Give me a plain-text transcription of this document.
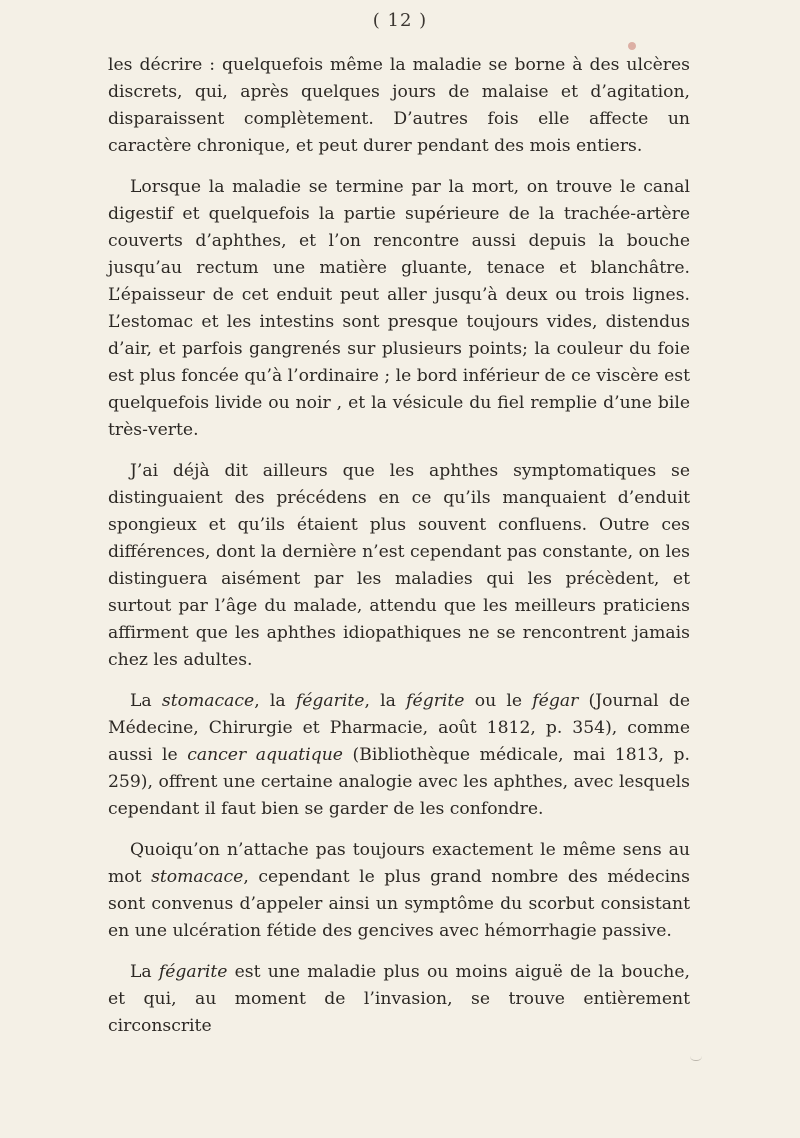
( 12 )

les décrire : quelquefois même la maladie se borne à des ulcères discrets, qui, après quelques jours de malaise et d’agitation, disparaissent complètement. D’autres fois elle affecte un caractère chronique, et peut durer pendant des mois entiers.

Lorsque la maladie se termine par la mort, on trouve le canal digestif et quelquefois la partie supérieure de la trachée-artère couverts d’aphthes, et l’on rencontre aussi depuis la bouche jusqu’au rectum une matière gluante, tenace et blanchâtre. L’épaisseur de cet enduit peut aller jusqu’à deux ou trois lignes. L’estomac et les intestins sont presque toujours vides, distendus d’air, et parfois gangrenés sur plusieurs points; la couleur du foie est plus foncée qu’à l’ordinaire ; le bord inférieur de ce viscère est quelquefois livide ou noir , et la vésicule du fiel remplie d’une bile très-verte.

J’ai déjà dit ailleurs que les aphthes symptomatiques se distinguaient des précédens en ce qu’ils manquaient d’enduit spongieux et qu’ils étaient plus souvent confluens. Outre ces différences, dont la dernière n’est cependant pas constante, on les distinguera aisément par les maladies qui les précèdent, et surtout par l’âge du malade, attendu que les meilleurs praticiens affirment que les aphthes idiopathiques ne se rencontrent jamais chez les adultes.

La stomacace, la fégarite, la fégrite ou le fégar (Journal de Médecine, Chirurgie et Pharmacie, août 1812, p. 354), comme aussi le cancer aquatique (Bibliothèque médicale, mai 1813, p. 259), offrent une certaine analogie avec les aphthes, avec lesquels cependant il faut bien se garder de les confondre.

Quoiqu’on n’attache pas toujours exactement le même sens au mot stomacace, cependant le plus grand nombre des médecins sont convenus d’appeler ainsi un symptôme du scorbut consistant en une ulcération fétide des gencives avec hémorrhagie passive.

La fégarite est une maladie plus ou moins aiguë de la bouche, et qui, au moment de l’invasion, se trouve entièrement circonscrite
